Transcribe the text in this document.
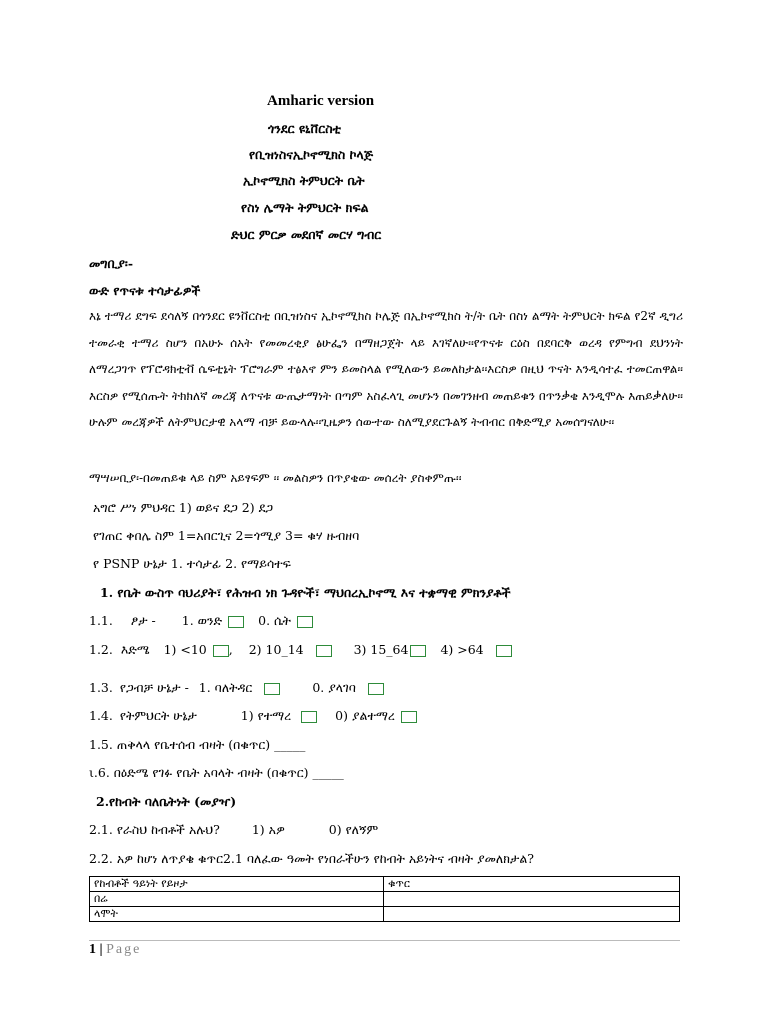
Amharic version
ጎንደር ዩኒቨርስቲ
የቢዝነስናኢኮኖሚክስ ኮላጅ
ኢኮኖሚክስ ትምህርት ቤት
የስነ ሌማት ትምህርት ክፍል
ድህር ምርቃ መደበኛ መርሃ ግብር
መግቢያ፡-
ውድ የጥናቱ ተሳታፊዎች
እኔ ተማሪ ደግፍ ደሳለኝ በጎንደር ዩንቨርስቲ በቢዝነስና ኢኮኖሚክስ ኮሌጅ በኢኮኖሚክስ ት/ት ቤት በስነ ልማት ትምህርት ክፍል የ2ኛ ዲግሪ ተመራቂ ተማሪ ስሆን በአሁኑ ሰአት የመመረቂያ ፅሁፌን በማዘጋጀት ላይ እገኛለሁ፡፡የጥናቱ ርዕስ በደባርቅ ወረዳ የምግብ ደህንነት ለማረጋገጥ የፕሮዳክቲቭ ሴፍቲኔት ፕሮግራም ተፅእኖ ምን ይመስላል የሚለውን ይመለከታል፡፡እርስዎ በዚህ ጥናት እንዲሳተፈ ተመርጠዋል፡፡እርስዎ የሚሰጡት ትክክለኛ መረጃ ለጥናቱ ውጤታማነት በጣም አስፈላጊ መሆኑን በመገንዘብ መጠይቁን በጥንቃቄ እንዲሞሉ እጠይቃለሁ፡፡ሁሉም መረጃዎች ለትምህርታዊ አላማ ብቻ ይውላሉ፡፡ጊዜዎን ሰውተው ስለሚያደርጉልኝ ትብብር በቅድሚያ አመሰግናለሁ፡፡
ማሣሠቢያ፡-በመጠይቁ ላይ ስም አይፃፍም ፡፡ መልስዎን በጥያቄው መሰረት ያስቀምጡ፡፡
አግሮ ሥነ ምህዳር 1) ወይና ደጋ 2) ደጋ
የገጠር ቀበሌ ስም 1=አበርጊና 2=ጎሚያ 3= ቁሃ ዙብዘባ
የ PSNP ሁኔታ 1. ተሳታፊ 2. የማይሳተፍ
1. የቤት ውስጥ ባህሪያት፣ የሕዝብ ነክ ጉዳዮች፣ ማህበረኢኮኖሚ እና ተቋማዊ ምክንያቶች
1.1. ፆታ - 1. ወንድ	0. ሴት
1.2. እድሜ 1) <10 , 2) 10_14	3) 15_64	4) >64
1.3. የጋብቻ ሁኔታ - 1. ባለትዳር	0. ያላገባ
1.4. የትምህርት ሁኔታ	1) የተማረ	0) ያልተማረ
1.5. ጠቅላላ የቤተሰብ ብዛት (በቁጥር) _____
ι.6. በዕድሜ የገፉ የቤት አባላት ብዛት (በቁጥር) _____
2.የከብት ባለቤትነት (መያዣ)
2.1. የራስህ ከብቶች አሉህ?	1) አዎ	0) የለኝም
2.2. አዎ ከሆነ ለጥያቄ ቁጥር2.1 ባለፈው ዓመት የነበራችሁን የከብት አይነትና ብዛት ያመለክታል?
የከብቶች ዓይነት የይዞታ	ቁጥር
በሬ	
ላሞት	
1 | Page
